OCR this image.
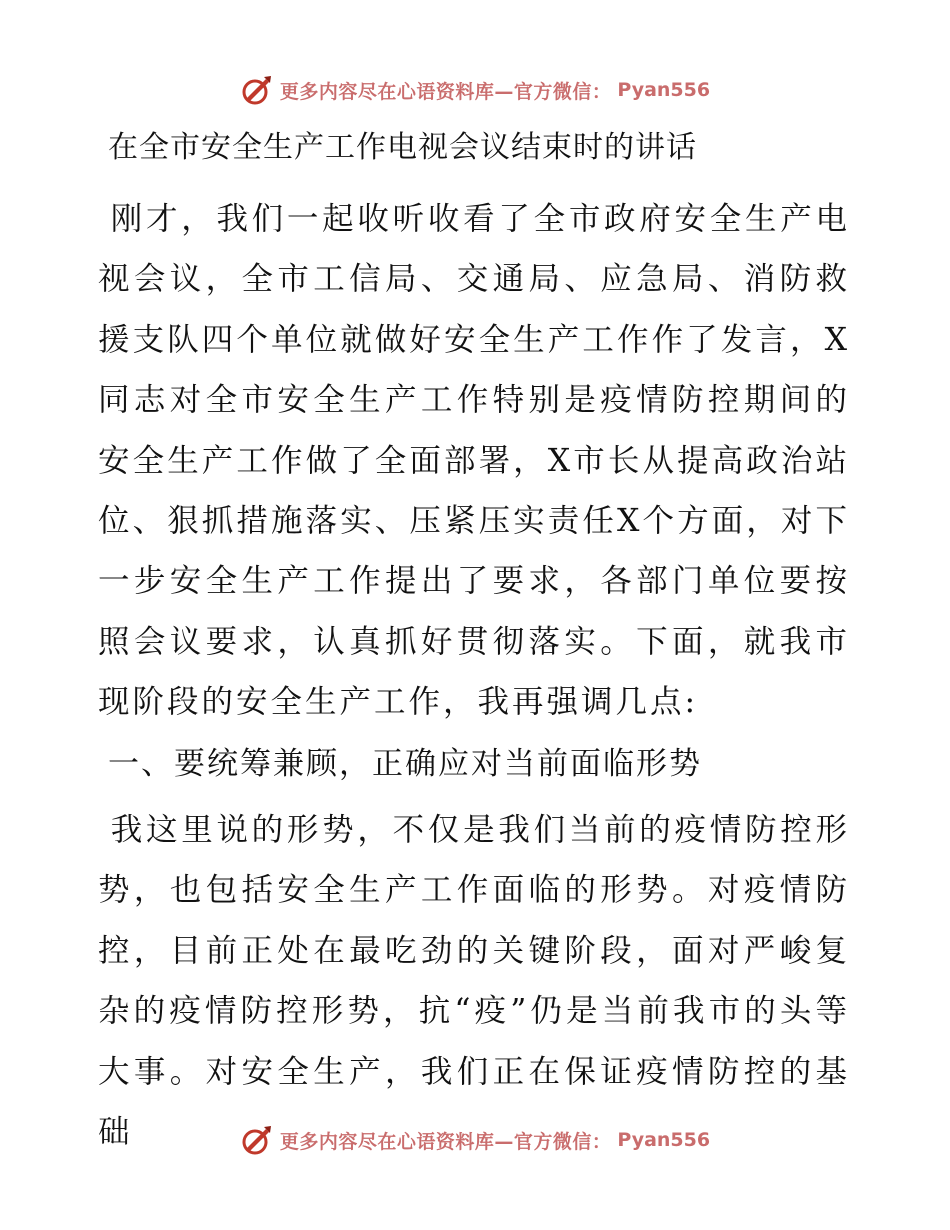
更多内容尽在心语资料库—官方微信： Pyan556
在全市安全生产工作电视会议结束时的讲话
刚才，我们一起收听收看了全市政府安全生产电视会议，全市工信局、交通局、应急局、消防救援支队四个单位就做好安全生产工作作了发言，X同志对全市安全生产工作特别是疫情防控期间的安全生产工作做了全面部署，X市长从提高政治站位、狠抓措施落实、压紧压实责任X个方面，对下一步安全生产工作提出了要求，各部门单位要按照会议要求，认真抓好贯彻落实。下面，就我市现阶段的安全生产工作，我再强调几点:
一、要统筹兼顾，正确应对当前面临形势
我这里说的形势，不仅是我们当前的疫情防控形势，也包括安全生产工作面临的形势。对疫情防控，目前正处在最吃劲的关键阶段，面对严峻复杂的疫情防控形势，抗“疫”仍是当前我市的头等大事。对安全生产，我们正在保证疫情防控的基础	更多内容尽在心语资料库—官方微信： Pyan556
